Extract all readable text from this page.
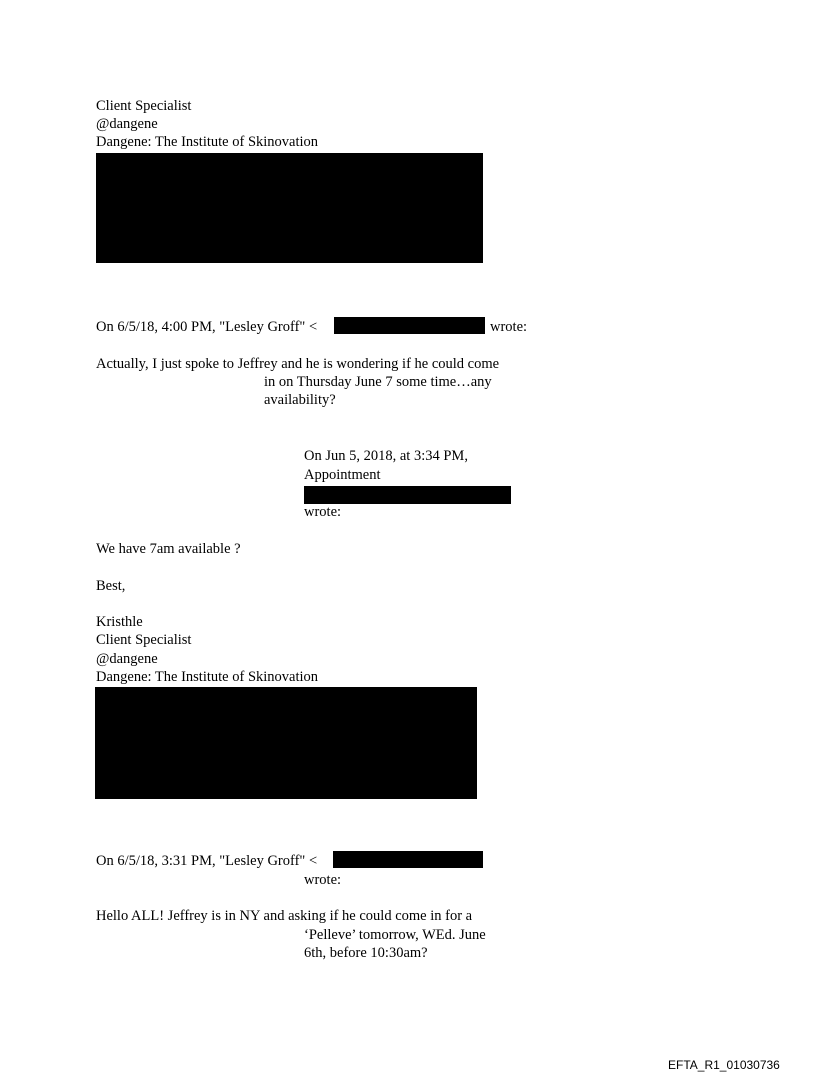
Client Specialist

@dangene

Dangene: The Institute of Skinovation

On 6/5/18, 4:00 PM, "Lesley Groff" <	wrote:

Actually, I just spoke to Jeffrey and he is wondering if he could come

in on Thursday June 7 some time…any

availability?

On Jun 5, 2018, at 3:34 PM,

Appointment

wrote:

We have 7am available ?

Best,

Kristhle

Client Specialist

@dangene

Dangene: The Institute of Skinovation

On 6/5/18, 3:31 PM, "Lesley Groff" <

wrote:

Hello ALL! Jeffrey is in NY and asking if he could come in for a

‘Pelleve’ tomorrow, WEd. June

6th, before 10:30am?

EFTA_R1_01030736
